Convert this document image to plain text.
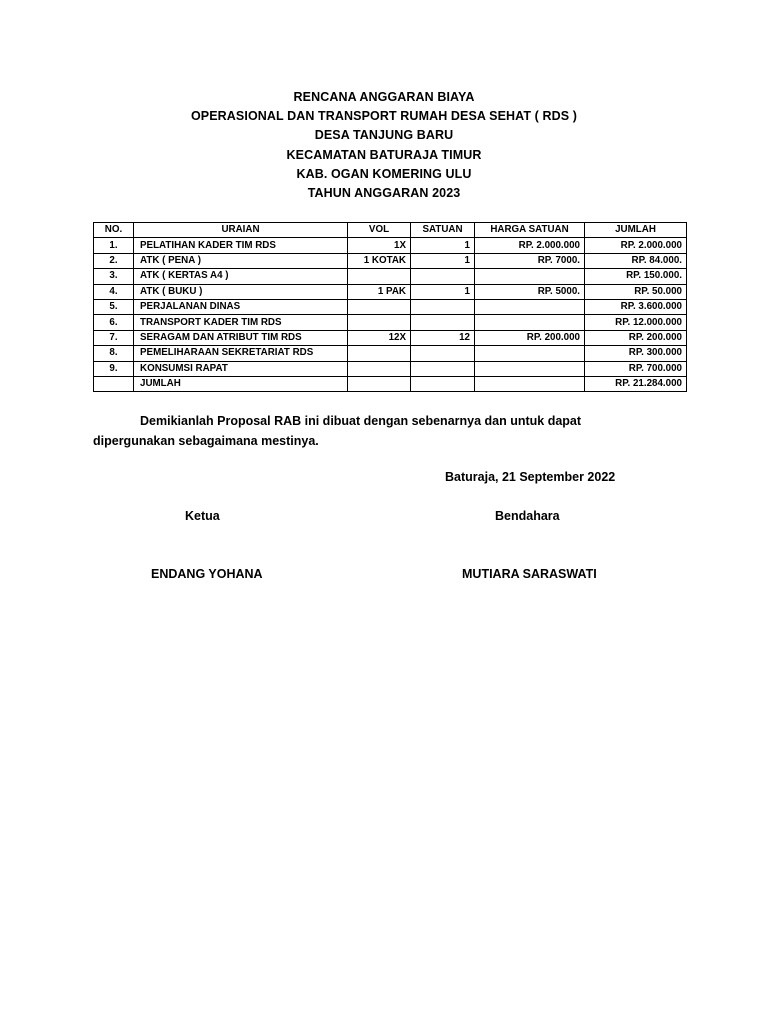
RENCANA ANGGARAN BIAYA
OPERASIONAL DAN TRANSPORT RUMAH DESA SEHAT ( RDS )
DESA TANJUNG BARU
KECAMATAN BATURAJA TIMUR
KAB. OGAN KOMERING ULU
TAHUN ANGGARAN 2023
NO.	URAIAN	VOL	SATUAN	HARGA SATUAN	JUMLAH
1.	PELATIHAN KADER TIM RDS	1X	1	RP. 2.000.000	RP. 2.000.000
2.	ATK ( PENA )	1 KOTAK	1	RP. 7000.	RP. 84.000.
3.	ATK ( KERTAS A4 )				RP. 150.000.
4.	ATK ( BUKU )	1 PAK	1	RP. 5000.	RP. 50.000
5.	PERJALANAN DINAS				RP. 3.600.000
6.	TRANSPORT KADER TIM RDS				RP. 12.000.000
7.	SERAGAM DAN ATRIBUT TIM RDS	12X	12	RP. 200.000	RP. 200.000
8.	PEMELIHARAAN SEKRETARIAT RDS				RP. 300.000
9.	KONSUMSI RAPAT				RP. 700.000
	JUMLAH				RP. 21.284.000
Demikianlah Proposal RAB ini dibuat dengan sebenarnya dan untuk dapat
dipergunakan sebagaimana mestinya.
Baturaja, 21 September 2022
Ketua	Bendahara
ENDANG YOHANA	MUTIARA SARASWATI
